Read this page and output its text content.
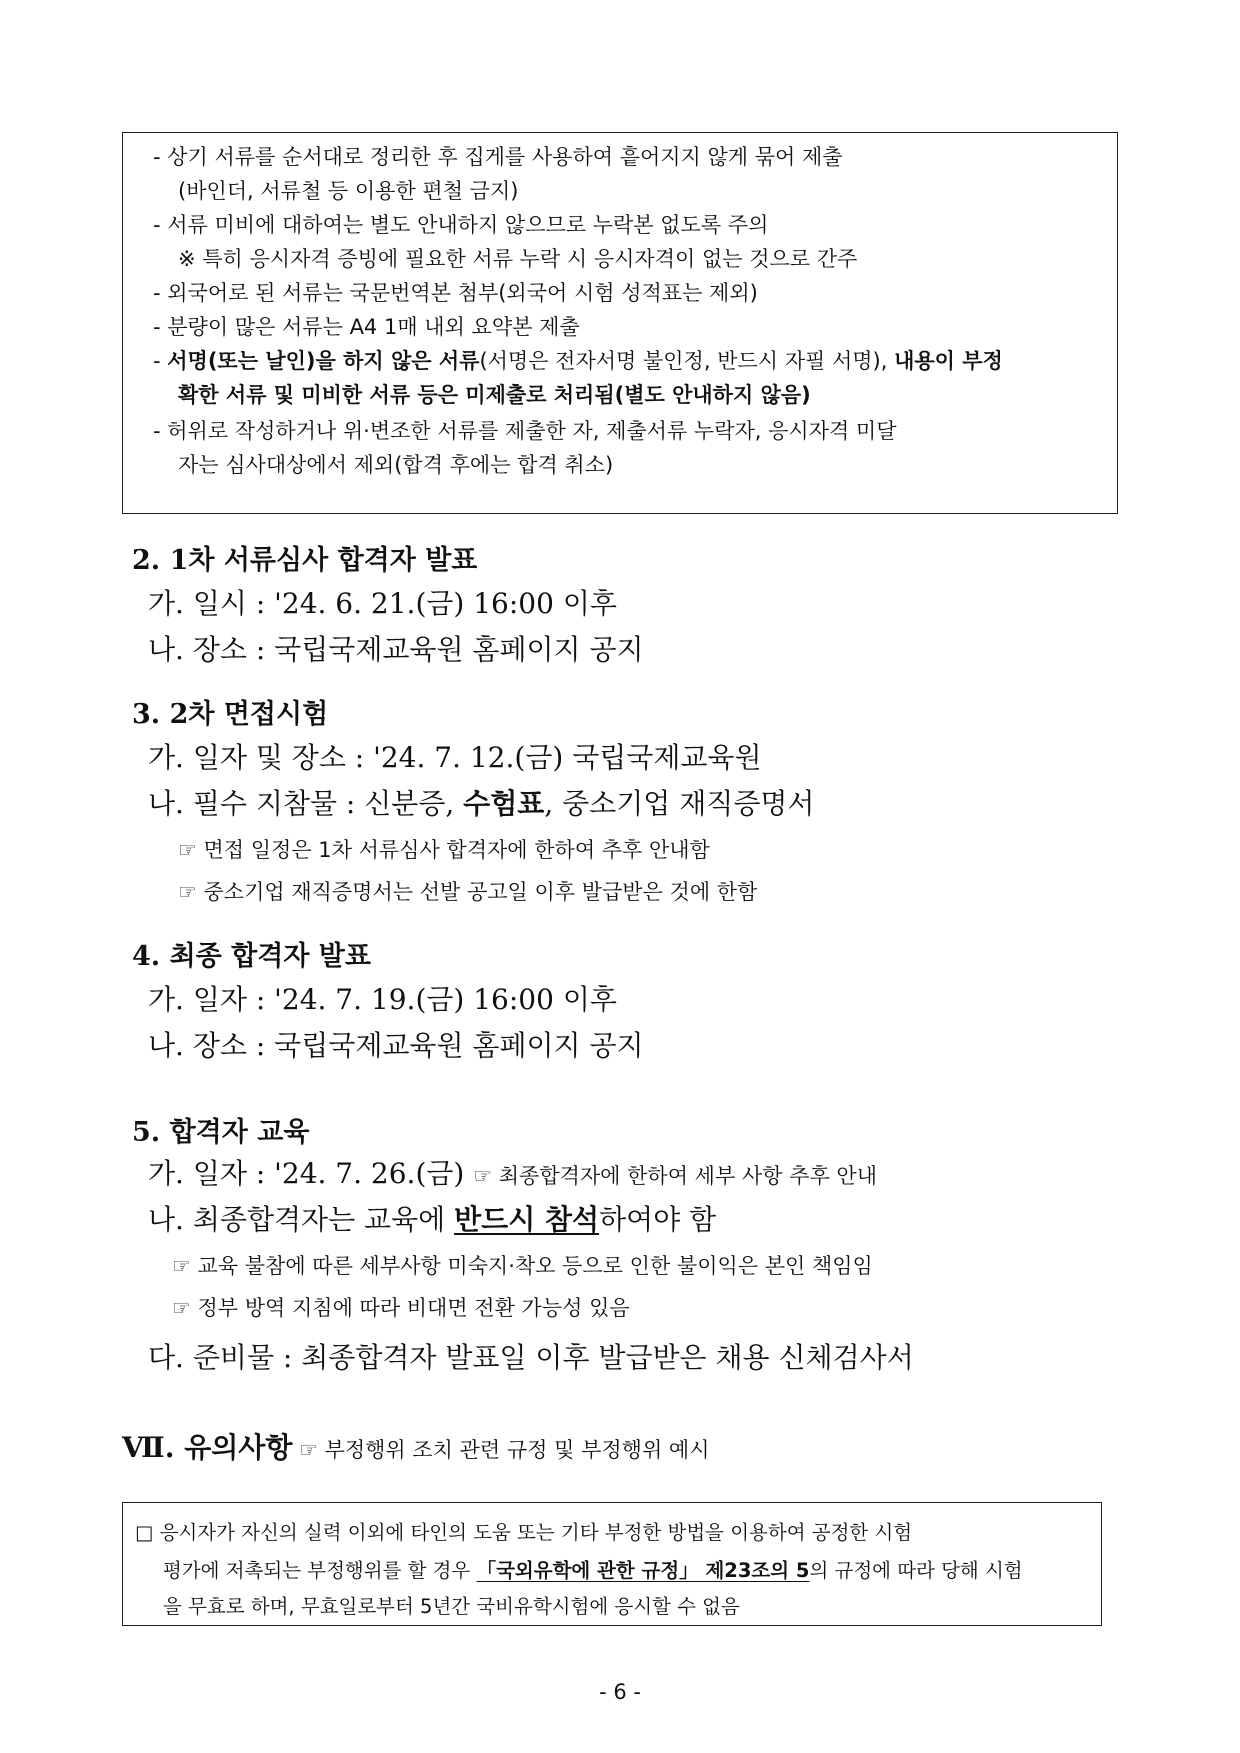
- 상기 서류를 순서대로 정리한 후 집게를 사용하여 흩어지지 않게 묶어 제출
(바인더, 서류철 등 이용한 편철 금지)
- 서류 미비에 대하여는 별도 안내하지 않으므로 누락본 없도록 주의
※ 특히 응시자격 증빙에 필요한 서류 누락 시 응시자격이 없는 것으로 간주
- 외국어로 된 서류는 국문번역본 첨부(외국어 시험 성적표는 제외)
- 분량이 많은 서류는 A4 1매 내외 요약본 제출
- 서명(또는 날인)을 하지 않은 서류(서명은 전자서명 불인정, 반드시 자필 서명), 내용이 부정
확한 서류 및 미비한 서류 등은 미제출로 처리됨(별도 안내하지 않음)
- 허위로 작성하거나 위·변조한 서류를 제출한 자, 제출서류 누락자, 응시자격 미달
자는 심사대상에서 제외(합격 후에는 합격 취소)
2. 1차 서류심사 합격자 발표
가. 일시 : '24. 6. 21.(금) 16:00 이후
나. 장소 : 국립국제교육원 홈페이지 공지
3. 2차 면접시험
가. 일자 및 장소 : '24. 7. 12.(금) 국립국제교육원
나. 필수 지참물 : 신분증, 수험표, 중소기업 재직증명서
☞ 면접 일정은 1차 서류심사 합격자에 한하여 추후 안내함
☞ 중소기업 재직증명서는 선발 공고일 이후 발급받은 것에 한함
4. 최종 합격자 발표
가. 일자 : '24. 7. 19.(금) 16:00 이후
나. 장소 : 국립국제교육원 홈페이지 공지
5. 합격자 교육
가. 일자 : '24. 7. 26.(금) ☞ 최종합격자에 한하여 세부 사항 추후 안내
나. 최종합격자는 교육에 반드시 참석하여야 함
☞ 교육 불참에 따른 세부사항 미숙지·착오 등으로 인한 불이익은 본인 책임임
☞ 정부 방역 지침에 따라 비대면 전환 가능성 있음
다. 준비물 : 최종합격자 발표일 이후 발급받은 채용 신체검사서
Ⅶ. 유의사항 ☞ 부정행위 조치 관련 규정 및 부정행위 예시
□ 응시자가 자신의 실력 이외에 타인의 도움 또는 기타 부정한 방법을 이용하여 공정한 시험
평가에 저촉되는 부정행위를 할 경우 「국외유학에 관한 규정」 제23조의 5의 규정에 따라 당해 시험
을 무효로 하며, 무효일로부터 5년간 국비유학시험에 응시할 수 없음
- 6 -
